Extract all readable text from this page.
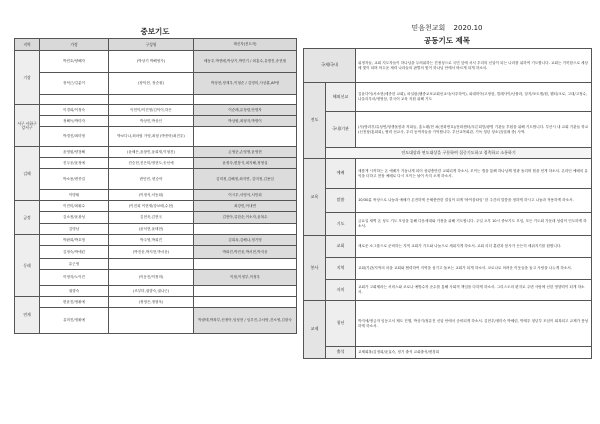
중보기도
지역	가정	구성원	태신자(전도자)
기장	박민호/양해자	(박상기 박해영가)	배동우,박현배,박상기,박민기 / 최홍수,유명진,송현철
	장덕근/김분이	(장덕현, 장순원)	박상찬,정재우,이형순 / 김영미,사상훈,AP정

서구 사하구 강서구	이경희/이정숙	이민이/이진영/김덕이,하은	이순례,유정렬,안명자
	정해득/박미자	박상민,박상인	박상원,최형자,박명이
	박경진/최미영	박보다나,최마엽 가영,최형 (박종아/최진우)	
김해	윤영원/양점해	(윤혜은,윤창민,윤희재,이형건)	손영준,손영생,윤영현
	진두웅/윤정예	진승현,진은미/정현도,송선예	윤정숙,변봉식,최지해,정영실
	박소용/변종걸	변인빈, 변승아	김미정,김해정,최지연, 김미정,김용임
	이명휘	(이정석,서동희)	이시우,서영석,서민희
금정	이진미/최휘수	(이진희 이현재/강보배,수현)	최강민,이내연
	김소정/윤광성	김현욱,김현국	김현아,류한순,이소자,윤복수
	김명남	(윤석현,윤태현)	
동래	박완희/박호영	박주영,박희진	김희옥,김해나,정기영
	김정숙/박애린	(박진웅,박지현,박서웅)	박희진,박진웅,박서현,박지웅
	유근영		
	이영자/노이진	(이동진/이정미)	이철,이정부,이정우
	권향숙	(조부미,권향숙,권나근)	
연제	변윤진/정휘예	(정영은,정형욱)	
	유미진/정휘예		박광태,박복부,신정아,임성현 / 임우진,주샤랑,건소영,김광숙
믿음천교회 2020.10
공동기도 제목
국제/국내		위정자들, 교회 지도자들이 하나님을 두려워하는 진정성으로 국민 앞에 서서 우리의 신앙이 되는 나라를 위하여 기도합니다. 교회는 거룩함으로 세상에 빛이 되며 어두운 세력 나라들의 판별의 힘이 하나님 안에서 바르게 되게 하소서.
전도	해외선교	김윤다이/서소현(세종한 교회), 파일럿(웬중교포교회선교사/서우하이), 피데미아/고정삼, 빌레사이/난폴라, 알자/포트엘/원, 웬티/크로, 고대/고정수, 나올리우마/정영삼, 한국어 교육 지원 위해 기도
	국내/기관	(사)방과후/유성연/청생돌봄과 저희들, 홍노레/현 쳐(전화번호)/문화센터/푸른희망/광명 기관들 후원을 위해 기도합니다. 부산시 내 교회 기관들 학교 (신전장/홍희희), 협력 선교사, 우리 동역자들을 기억합니다. 부산교목회관, 기독 청년 청소년(열매 중) 사역.
	전도대상과 연도대상을 구분하여 집중기도하고 접촉하고 소통하기	
교육	예배	새롭게 시작하는 온 예배가 거듭나게 되어 성령충만한 교회되게 하소서. 모이는 앱을 통해 하나님께 영광 돌리며 힘을 얻게 하소서. 온라인 예배의 유익을 더하고 현장 예배로 다시 모이는 날이 속히 오게 하소서.
	말씀	10/30분 묵상으로 나눔과 예배가 온전하게 은혜충만한 결실이 되게 '바이블타임' 한 주간의 말씀을 정하게 하시고 나눔과 적용하게 하소서.
	기도	금요일 새벽 온 성도 기도 모임을 통해 다음세대와 가정을 위해 기도합니다. 주일 오후 10시 중보기도 모임, 모든 기도회 가운데 성령이 인도하게 하소서.
봉사	교회	새로운 소그룹으로 준비하는 지역 교회가 기도와 나눔으로 세워지게 하소서. 교회 리더 훈련과 봉사가 든든히 세워지기를 원합니다.
	지역	교회/기관/지역의 마을 교회와 협력하여 지역을 섬기고 돌보는 교회가 되게 하소서. 코로나로 어려운 이웃들을 돕고 사랑을 나누게 하소서.
	자치	교회가 고회제라는 서비스와 코로나 예방수칙 준수를 통해 사회적 책임을 다하게 하소서. 그리스도의 편지로 주변 사람에 선한 영향력이 되게 하소서.
교제	청년	박지애/정금자 임동고서 제도 진행, 박상기/정유진 신앙 안에서 준비되게 하소서. 김현우/정미숙 박혜린, 박재우 청년부 모임이 회복되고 교제가 풍성하게 하소서.
	출석	교제회복/김정희/윤효숙, 정기 출석 교회출석/변경희
